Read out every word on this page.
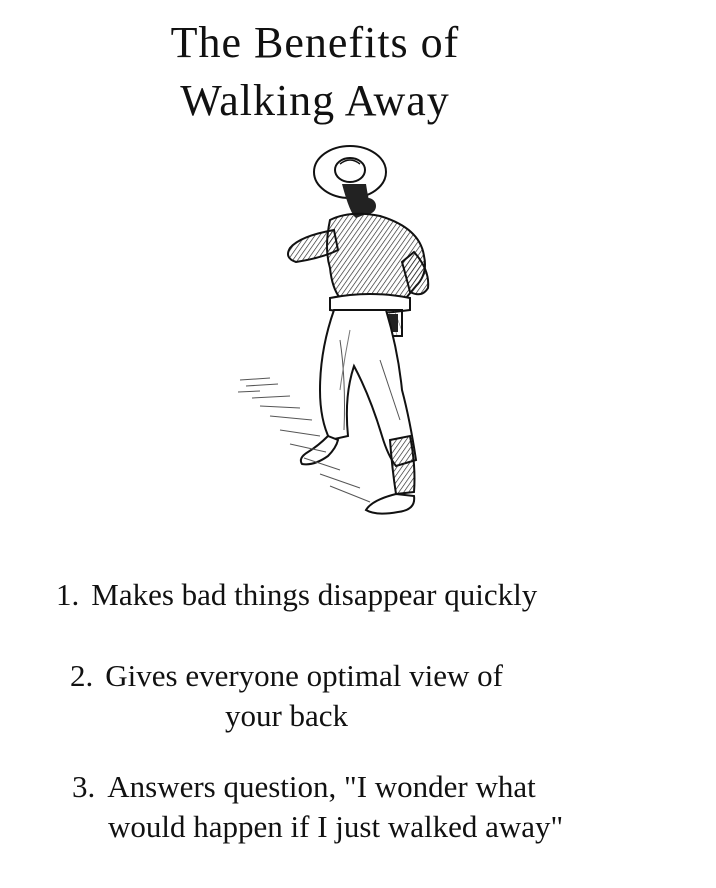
The Benefits of
Walking Away
1. Makes bad things disappear quickly
2. Gives everyone optimal view of
your back
3. Answers question, "I wonder what
would happen if I just walked away"
